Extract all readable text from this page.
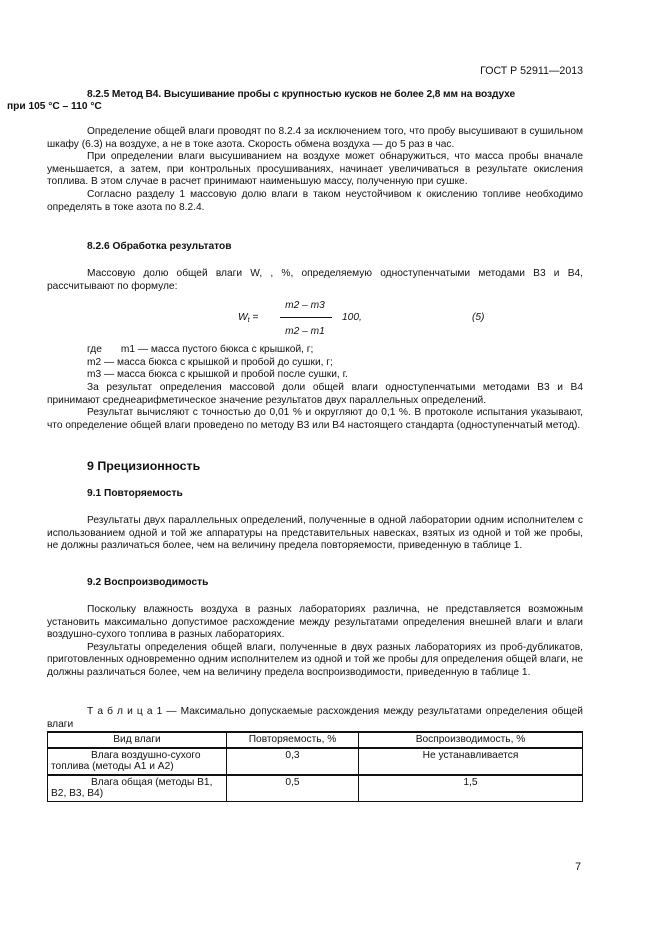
ГОСТ Р 52911—2013
8.2.5 Метод В4. Высушивание пробы с крупностью кусков не более 2,8 мм на воздухе
при 105 °С – 110 °С

Определение общей влаги проводят по 8.2.4 за исключением того, что пробу высушивают в сушильном шкафу (6.3) на воздухе, а не в токе азота. Скорость обмена воздуха — до 5 раз в час.

При определении влаги высушиванием на воздухе может обнаружиться, что масса пробы вначале уменьшается, а затем, при контрольных просушиваниях, начинает увеличиваться в результате окисления топлива. В этом случае в расчет принимают наименьшую массу, полученную при сушке.

Согласно разделу 1 массовую долю влаги в таком неустойчивом к окислению топливе необходимо определять в токе азота по 8.2.4.

8.2.6 Обработка результатов

Массовую долю общей влаги W, , %, определяемую одноступенчатыми методами В3 и В4, рассчитывают по формуле:

$W_t$ =
m2 – m3
100,
m2 – m1
(5)
где m1 — масса пустого бюкса с крышкой, г;
m2 — масса бюкса с крышкой и пробой до сушки, г;
m3 — масса бюкса с крышкой и пробой после сушки, г.

За результат определения массовой доли общей влаги одноступенчатыми методами В3 и В4 принимают среднеарифметическое значение результатов двух параллельных определений.

Результат вычисляют с точностью до 0,01 % и округляют до 0,1 %. В протоколе испытания указывают, что определение общей влаги проведено по методу В3 или В4 настоящего стандарта (одноступенчатый метод).

9 Прецизионность
9.1 Повторяемость

Результаты двух параллельных определений, полученные в одной лаборатории одним исполнителем с использованием одной и той же аппаратуры на представительных навесках, взятых из одной и той же пробы, не должны различаться более, чем на величину предела повторяемости, приведенную в таблице 1.

9.2 Воспроизводимость

Поскольку влажность воздуха в разных лабораториях различна, не представляется возможным установить максимально допустимое расхождение между результатами определения внешней влаги и влаги воздушно-сухого топлива в разных лабораториях.

Результаты определения общей влаги, полученные в двух разных лабораториях из проб-дубликатов, приготовленных одновременно одним исполнителем из одной и той же пробы для определения общей влаги, не должны различаться более, чем на величину предела воспроизводимости, приведенную в таблице 1.

Т а б л и ц а 1 — Максимально допускаемые расхождения между результатами определения общей влаги

Вид влаги	Повторяемость, %	Воспроизводимость, %
Влага воздушно-сухого топлива (методы А1 и А2)	0,3	Не устанавливается
Влага общая (методы В1, В2, В3, В4)	0,5	1,5
7
